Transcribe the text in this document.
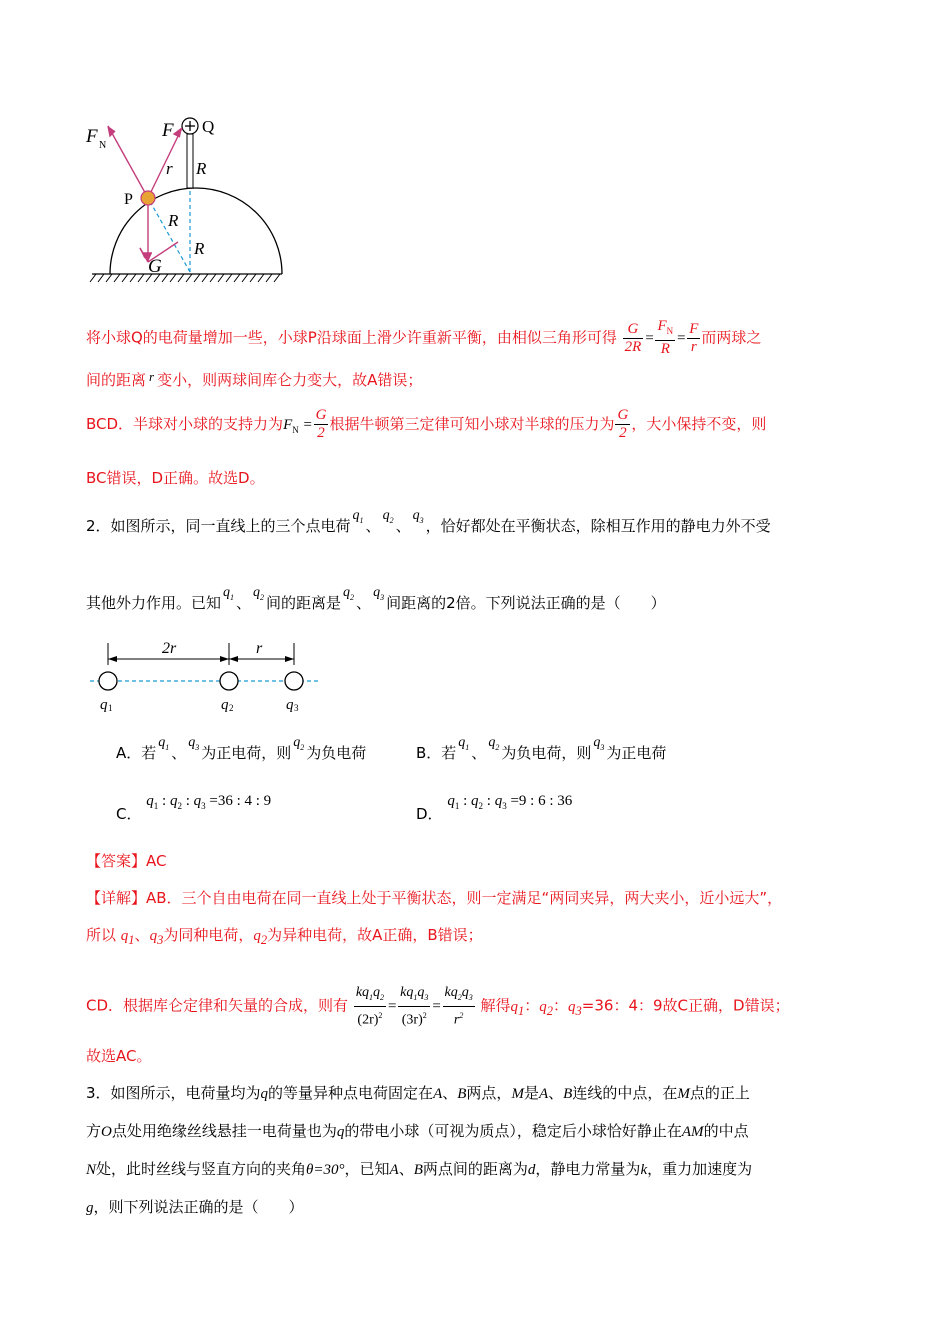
F N
F Q
r R
R
R
P
G
将小球Q的电荷量增加一些，小球P沿球面上滑少许重新平衡，由相似三角形可得 $\frac{G}{2R} = \frac{F_N}{R} = \frac{F}{r}$ 而两球之
间的距离 r 变小，则两球间库仑力变大，故A错误；
BCD．半球对小球的支持力为$F_N = \frac{G}{2}$ 根据牛顿第三定律可知小球对半球的压力为 $\frac{G}{2}$ ，大小保持不变，则
BC错误，D正确。故选D。
2．如图所示，同一直线上的三个点电荷$q_1$ 、$q_2$ 、$q_3$ ，恰好都处在平衡状态，除相互作用的静电力外不受
其他外力作用。已知$q_1$ 、$q_2$ 间的距离是$q_2$ 、$q_3$ 间距离的2倍。下列说法正确的是（　　）
2r	r
q 1	q 2	q 3
A．若$q_1$ 、$q_3$ 为正电荷，则$q_2$ 为负电荷	B．若$q_1$ 、$q_2$ 为负电荷，则$q_3$ 为正电荷
C． $q_1$ : $q_2$ : $q_3 =36$ : 4 : 9
D． $q_1$ : $q_2$ : $q_3 =9$ : 6 : 36
【答案】AC
【详解】AB．三个自由电荷在同一直线上处于平衡状态，则一定满足“两同夹异，两大夹小，近小远大”，
所以 $q_1$、$q_3$为同种电荷，$q_2$为异种电荷，故A正确，B错误；
CD．根据库仑定律和矢量的合成，则有 $\frac{kq_1q_2}{(2r)^2} = \frac{kq_1q_3}{(3r)^2} = \frac{kq_2q_3}{r^2}$ 解得$q_1$：$q_2$：$q_3=36$：4：9故C正确，D错误；
故选AC。
3．如图所示，电荷量均为q的等量异种点电荷固定在A、B两点，M是A、B连线的中点，在M点的正上
方O点处用绝缘丝线悬挂一电荷量也为q的带电小球（可视为质点），稳定后小球恰好静止在AM的中点
N处，此时丝线与竖直方向的夹角θ=30°，已知A、B两点间的距离为d，静电力常量为k，重力加速度为
g，则下列说法正确的是（　　）
